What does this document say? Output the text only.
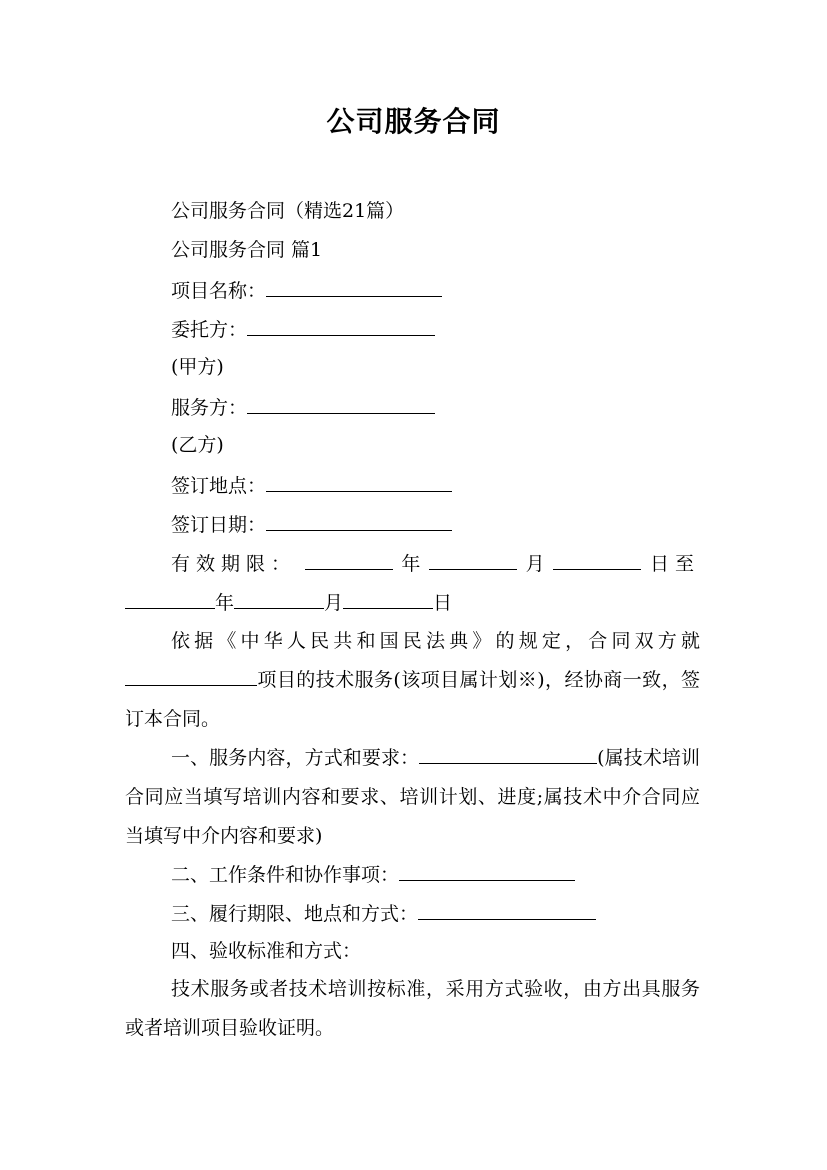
公司服务合同
公司服务合同（精选21篇）
公司服务合同 篇1
项目名称：
委托方：
(甲方)
服务方：
(乙方)
签订地点：
签订日期：
有效期限：	年	月	日至
年	月	日
依据《中华人民共和国民法典》的规定，合同双方就项目的技术服务(该项目属计划※)，经协商一致，签订本合同。
一、服务内容，方式和要求：	(属技术培训合同应当填写培训内容和要求、培训计划、进度;属技术中介合同应当填写中介内容和要求)
二、工作条件和协作事项：
三、履行期限、地点和方式：
四、验收标准和方式：
技术服务或者技术培训按标准，采用方式验收，由方出具服务或者培训项目验收证明。
